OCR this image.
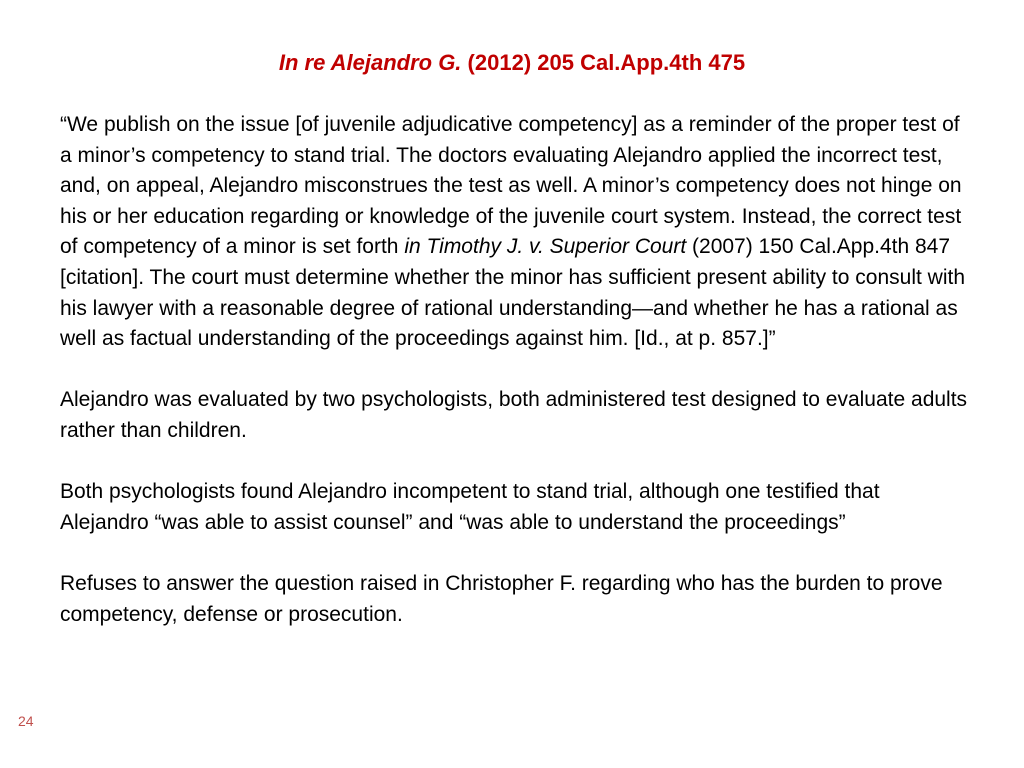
In re Alejandro G. (2012) 205 Cal.App.4th 475

“We publish on the issue [of juvenile adjudicative competency] as a reminder of the proper test of a minor’s competency to stand trial. The doctors evaluating Alejandro applied the incorrect test, and, on appeal, Alejandro misconstrues the test as well. A minor’s competency does not hinge on his or her education regarding or knowledge of the juvenile court system. Instead, the correct test of competency of a minor is set forth in Timothy J. v. Superior Court (2007) 150 Cal.App.4th 847 [citation]. The court must determine whether the minor has sufficient present ability to consult with his lawyer with a reasonable degree of rational understanding—and whether he has a rational as well as factual understanding of the proceedings against him. [Id., at p. 857.]”

Alejandro was evaluated by two psychologists, both administered test designed to evaluate adults rather than children.

Both psychologists found Alejandro incompetent to stand trial, although one testified that Alejandro “was able to assist counsel” and “was able to understand the proceedings”

Refuses to answer the question raised in Christopher F. regarding who has the burden to prove competency, defense or prosecution.

24
